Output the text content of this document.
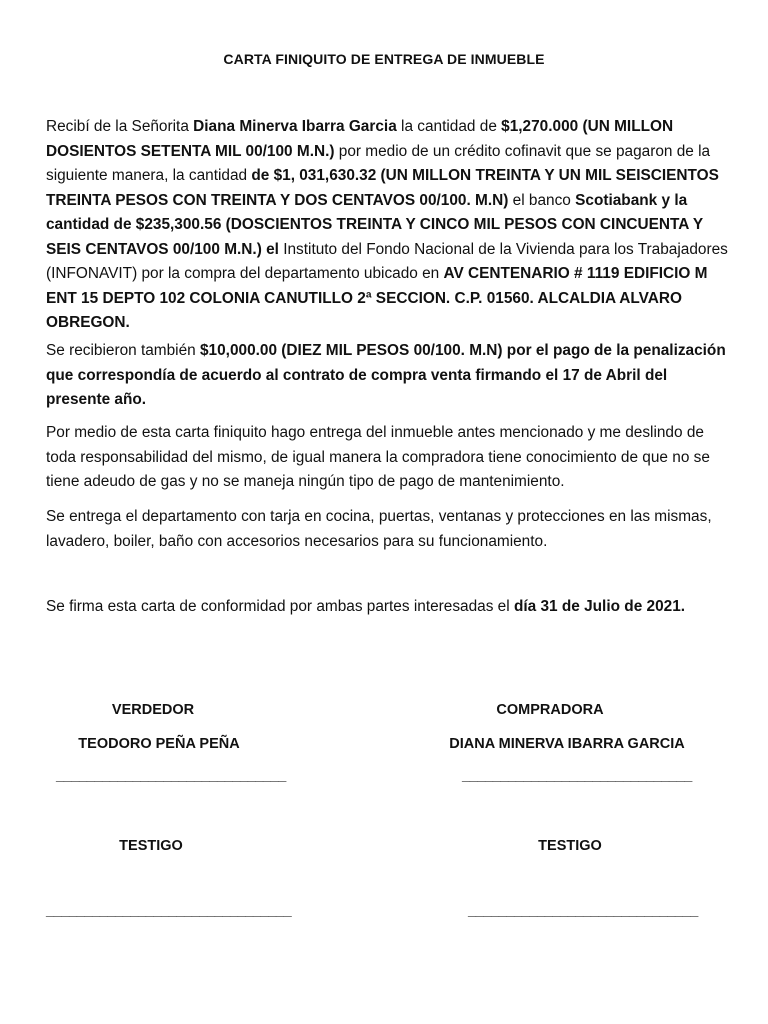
CARTA FINIQUITO DE ENTREGA DE INMUEBLE

Recibí de la Señorita Diana Minerva Ibarra Garcia la cantidad de $1,270.000 (UN MILLON DOSIENTOS SETENTA MIL 00/100 M.N.) por medio de un crédito cofinavit que se pagaron de la siguiente manera, la cantidad de $1, 031,630.32 (UN MILLON TREINTA Y UN MIL SEISCIENTOS TREINTA PESOS CON TREINTA Y DOS CENTAVOS 00/100. M.N) el banco Scotiabank y la cantidad de $235,300.56 (DOSCIENTOS TREINTA Y CINCO MIL PESOS CON CINCUENTA Y SEIS CENTAVOS 00/100 M.N.) el Instituto del Fondo Nacional de la Vivienda para los Trabajadores (INFONAVIT) por la compra del departamento ubicado en AV CENTENARIO # 1119 EDIFICIO M ENT 15 DEPTO 102 COLONIA CANUTILLO 2ª SECCION. C.P. 01560. ALCALDIA ALVARO OBREGON.

Se recibieron también $10,000.00 (DIEZ MIL PESOS 00/100. M.N) por el pago de la penalización que correspondía de acuerdo al contrato de compra venta firmando el 17 de Abril del presente año.

Por medio de esta carta finiquito hago entrega del inmueble antes mencionado y me deslindo de toda responsabilidad del mismo, de igual manera la compradora tiene conocimiento de que no se tiene adeudo de gas y no se maneja ningún tipo de pago de mantenimiento.

Se entrega el departamento con tarja en cocina, puertas, ventanas y protecciones en las mismas, lavadero, boiler, baño con accesorios necesarios para su funcionamiento.

Se firma esta carta de conformidad por ambas partes interesadas el día 31 de Julio de 2021.

VERDEDOR
TEODORO PEÑA PEÑA
______________________________
COMPRADORA
DIANA MINERVA IBARRA GARCIA
______________________________
TESTIGO
________________________________
TESTIGO
______________________________
